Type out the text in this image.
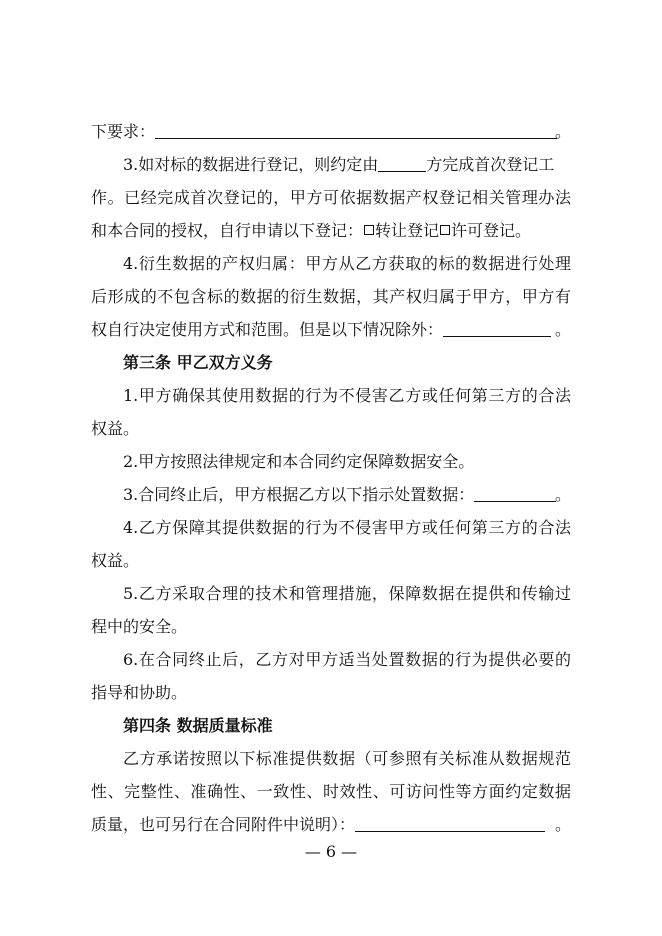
下要求：	。
3.如对标的数据进行登记，则约定由	方完成首次登记工
作。已经完成首次登记的，甲方可依据数据产权登记相关管理办法
和本合同的授权，自行申请以下登记： 转让登记 许可登记。
4.衍生数据的产权归属：甲方从乙方获取的标的数据进行处理
后形成的不包含标的数据的衍生数据，其产权归属于甲方，甲方有
权自行决定使用方式和范围。但是以下情况除外：	。
第三条 甲乙双方义务
1.甲方确保其使用数据的行为不侵害乙方或任何第三方的合法
权益。
2.甲方按照法律规定和本合同约定保障数据安全。
3.合同终止后，甲方根据乙方以下指示处置数据：	。
4.乙方保障其提供数据的行为不侵害甲方或任何第三方的合法
权益。
5.乙方采取合理的技术和管理措施，保障数据在提供和传输过
程中的安全。
6.在合同终止后，乙方对甲方适当处置数据的行为提供必要的
指导和协助。
第四条 数据质量标准
乙方承诺按照以下标准提供数据（可参照有关标准从数据规范
性、完整性、准确性、一致性、时效性、可访问性等方面约定数据
质量，也可另行在合同附件中说明）：	。
— 6 —
